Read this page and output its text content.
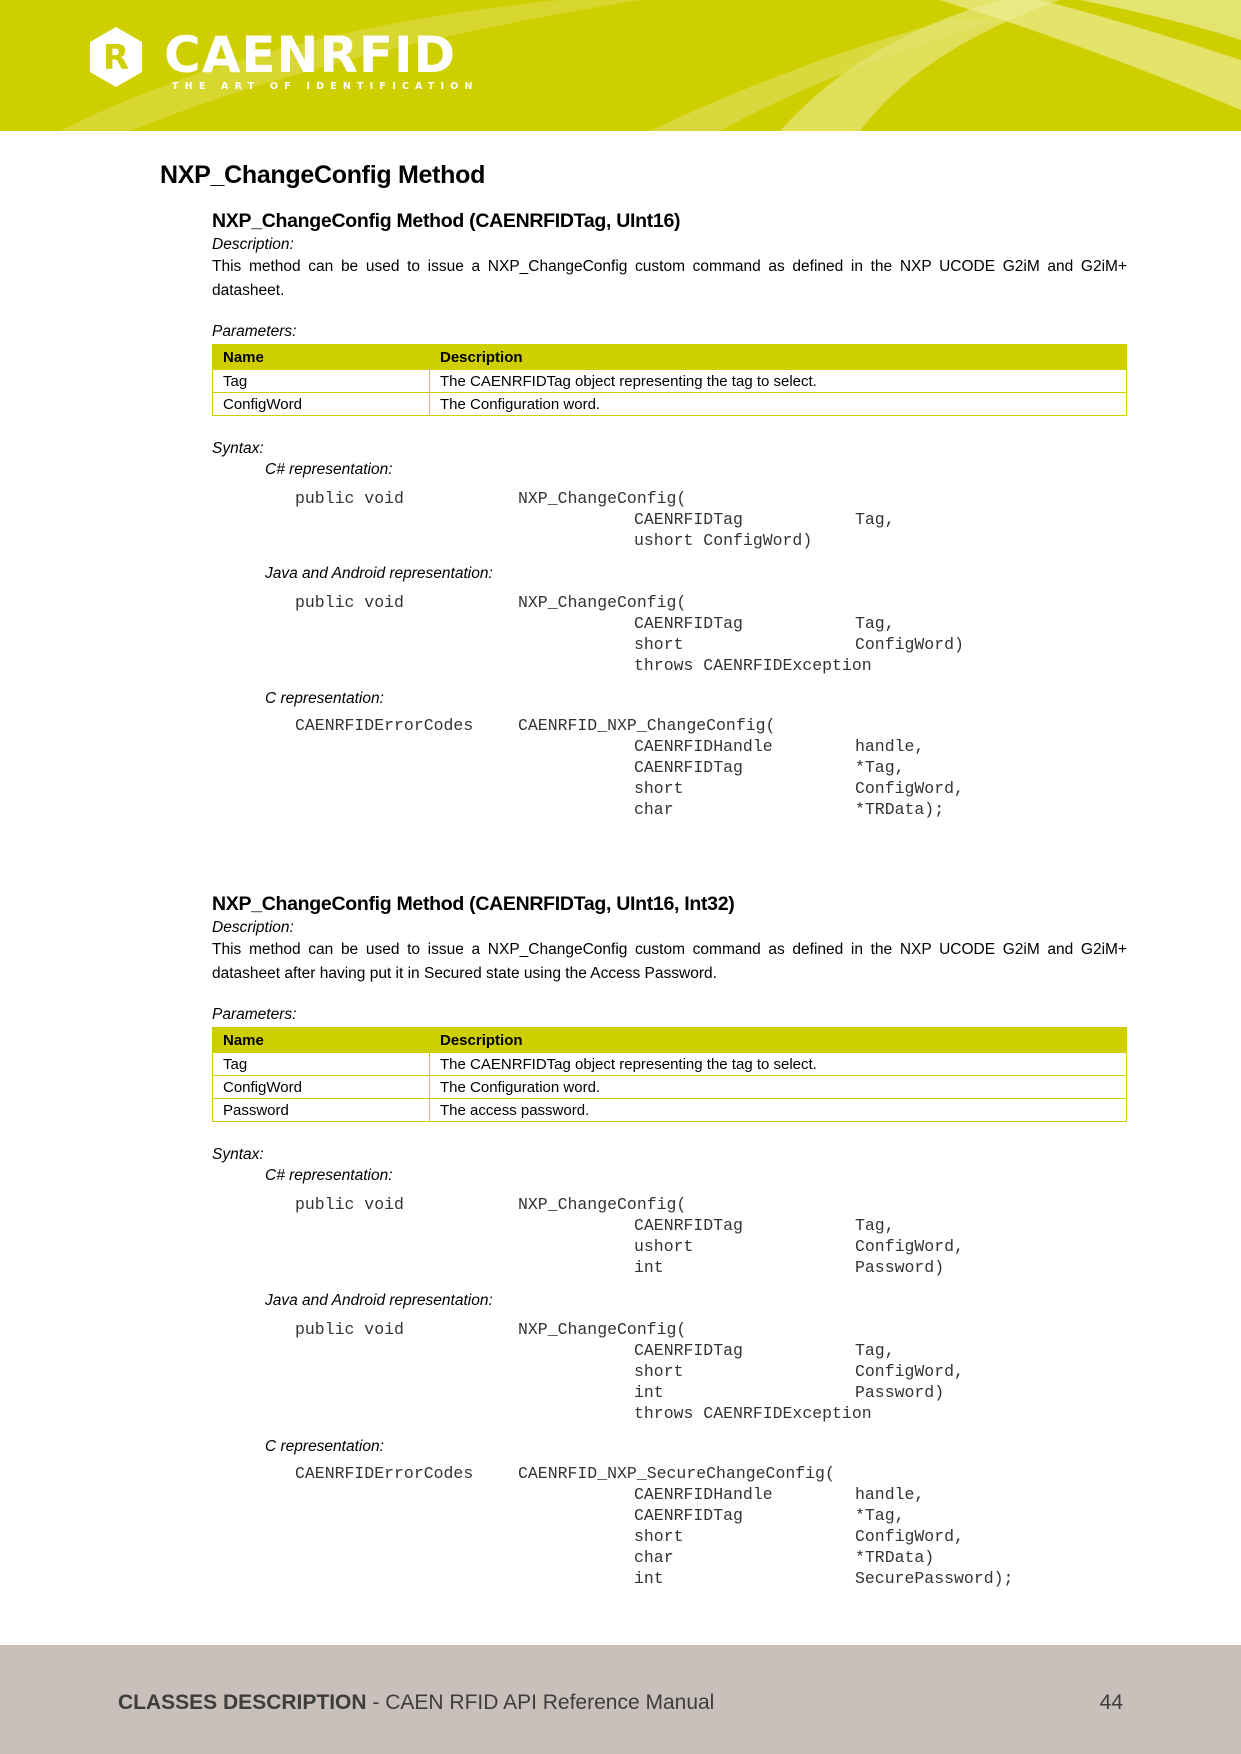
R CAENRFID
THE ART OF IDENTIFICATION
NXP_ChangeConfig Method
NXP_ChangeConfig Method (CAENRFIDTag, UInt16)
Description:

This method can be used to issue a NXP_ChangeConfig custom command as defined in the NXP UCODE G2iM and G2iM+ datasheet.

Parameters:
Name	Description
Tag	The CAENRFIDTag object representing the tag to select.
ConfigWord	The Configuration word.
Syntax:
C# representation:
public void	NXP_ChangeConfig(
CAENRFIDTag	Tag,
ushort ConfigWord)
Java and Android representation:
public void	NXP_ChangeConfig(
CAENRFIDTag	Tag,
short	ConfigWord)
throws CAENRFIDException
C representation:
CAENRFIDErrorCodes	CAENRFID_NXP_ChangeConfig(
CAENRFIDHandle	handle,
CAENRFIDTag	*Tag,
short	ConfigWord,
char	*TRData);
NXP_ChangeConfig Method (CAENRFIDTag, UInt16, Int32)
Description:

This method can be used to issue a NXP_ChangeConfig custom command as defined in the NXP UCODE G2iM and G2iM+ datasheet after having put it in Secured state using the Access Password.

Parameters:
Name	Description
Tag	The CAENRFIDTag object representing the tag to select.
ConfigWord	The Configuration word.
Password	The access password.
Syntax:
C# representation:
public void	NXP_ChangeConfig(
CAENRFIDTag	Tag,
ushort	ConfigWord,
int	Password)
Java and Android representation:
public void	NXP_ChangeConfig(
CAENRFIDTag	Tag,
short	ConfigWord,
int	Password)
throws CAENRFIDException
C representation:
CAENRFIDErrorCodes	CAENRFID_NXP_SecureChangeConfig(
CAENRFIDHandle	handle,
CAENRFIDTag	*Tag,
short	ConfigWord,
char	*TRData)
int	SecurePassword);
CLASSES DESCRIPTION - CAEN RFID API Reference Manual	44
